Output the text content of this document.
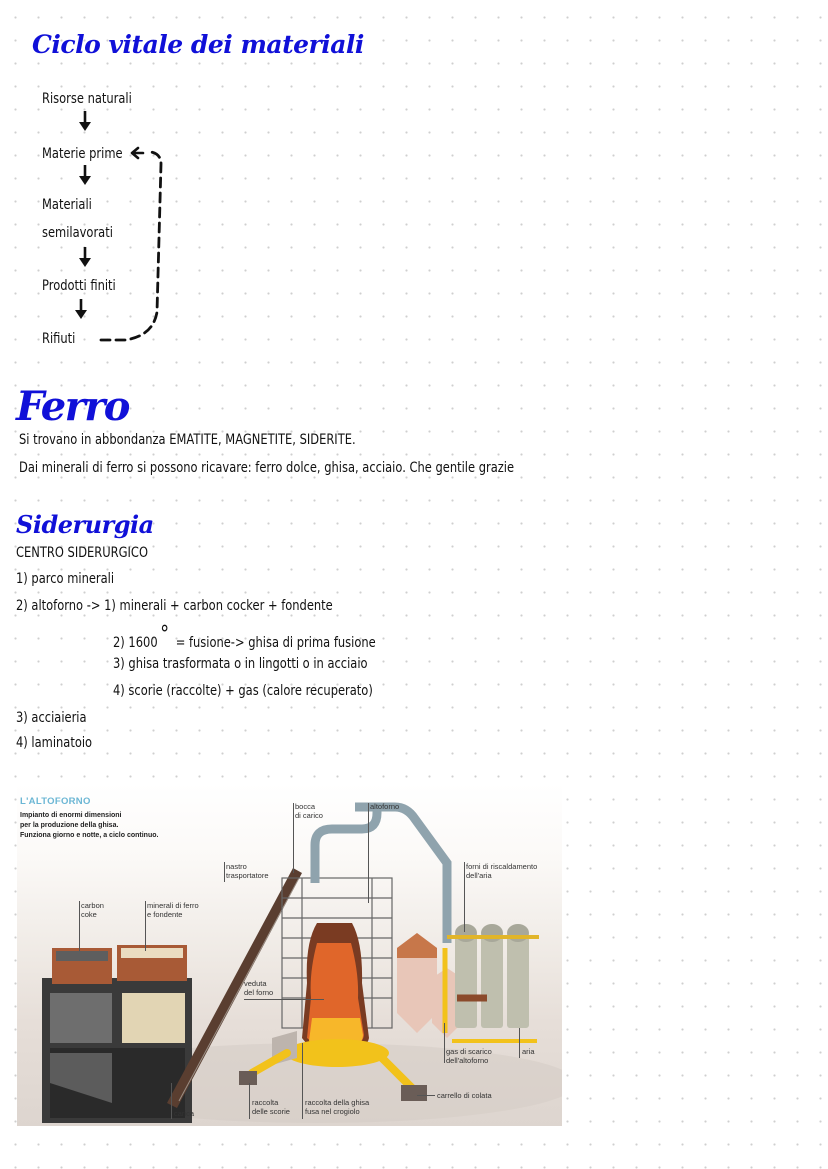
Ciclo vitale dei materiali
Risorse naturali
Materie prime
Materiali
semilavorati
Prodotti finiti
Rifiuti
Ferro
Si trovano in abbondanza EMATITE, MAGNETITE, SIDERITE.
Dai minerali di ferro si possono ricavare: ferro dolce, ghisa, acciaio. Che gentile grazie
Siderurgia
CENTRO SIDERURGICO
1) parco minerali
2) altoforno -> 1) minerali + carbon cocker + fondente
2) 1600 ° = fusione-> ghisa di prima fusione
3) ghisa trasformata o in lingotti o in acciaio
4) scorie (raccolte) + gas (calore recuperato)
3) acciaieria
4) laminatoio
L'ALTOFORNO
Impianto di enormi dimensioni
per la produzione della ghisa.
Funziona giorno e notte, a ciclo continuo.
bocca
di carico
altoforno
nastro
trasportatore
forni di riscaldamento
dell'aria
carbon
coke
minerali di ferro
e fondente
veduta
del forno
gas di scarico
dell'altoforno
aria
carrello di colata
carica
raccolta
delle scorie
raccolta della ghisa
fusa nel crogiolo
